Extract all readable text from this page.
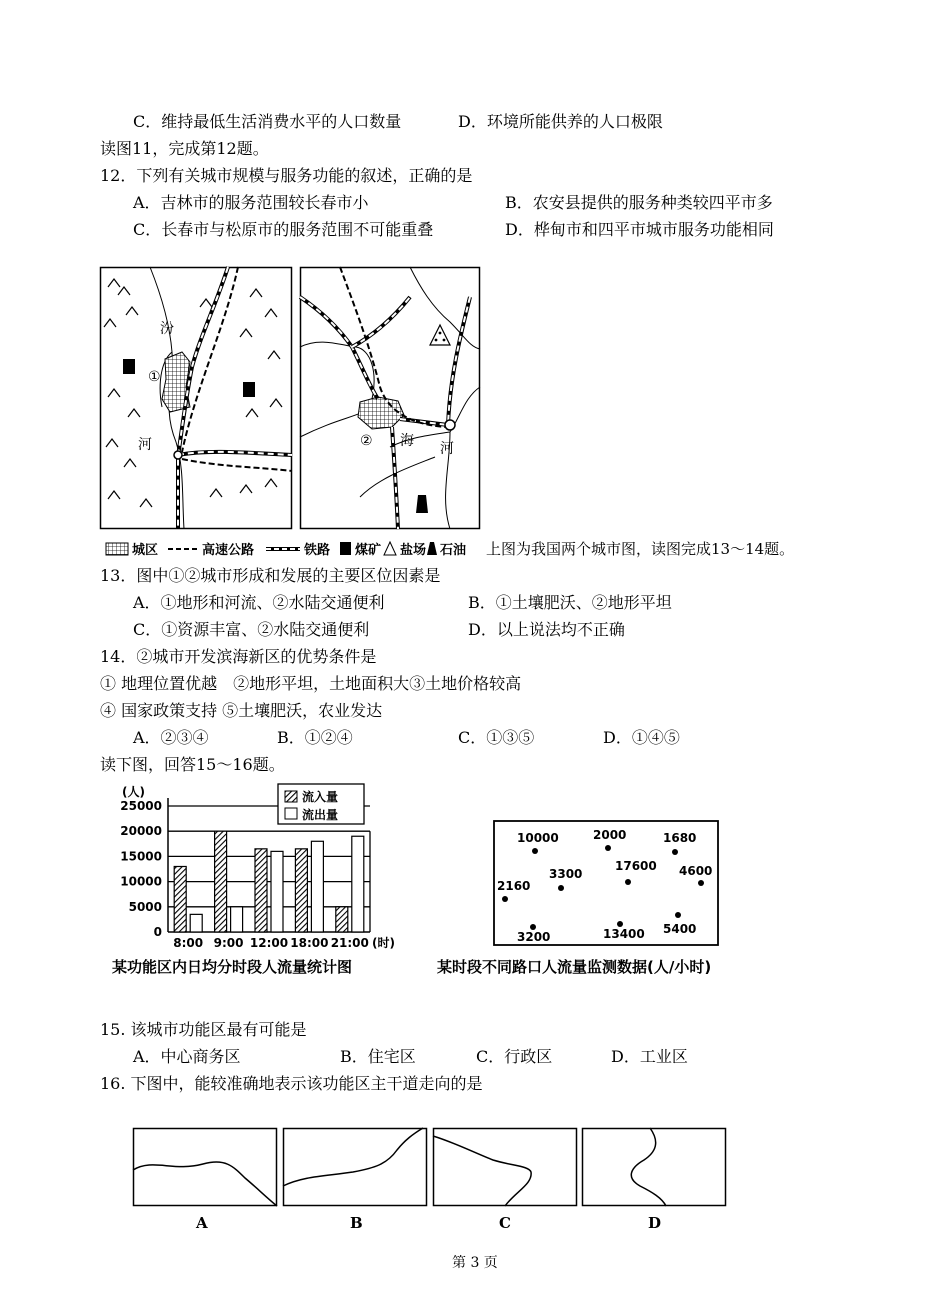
C．维持最低生活消费水平的人口数量	D．环境所能供养的人口极限
读图11，完成第12题。
12．下列有关城市规模与服务功能的叙述，正确的是
A．吉林市的服务范围较长春市小	B．农安县提供的服务种类较四平市多
C．长春市与松原市的服务范围不可能重叠	D．桦甸市和四平市城市服务功能相同
汾
①
河	② 海 河
城区	高速公路	铁路 煤矿 盐场 石油 上图为我国两个城市图，读图完成13～14题。
13．图中①②城市形成和发展的主要区位因素是
A．①地形和河流、②水陆交通便利	B．①土壤肥沃、②地形平坦
C．①资源丰富、②水陆交通便利	D．以上说法均不正确
14．②城市开发滨海新区的优势条件是
① 地理位置优越　②地形平坦，土地面积大③土地价格较高
④ 国家政策支持 ⑤土壤肥沃，农业发达
A．②③④	B．①②④	C．①③⑤	D．①④⑤
读下图，回答15～16题。
0
5000
10000
15000
20000
25000
(人)
8:00 9:00 12:00 18:00 21:00 (时)
流入量
流出量
某功能区内日均分时段人流量统计图
10000	2000	1680
3300
17600 4600
2160
3200	13400 5400
某时段不同路口人流量监测数据(人/小时)
15. 该城市功能区最有可能是
A．中心商务区	B．住宅区	C．行政区	D．工业区
16. 下图中，能较准确地表示该功能区主干道走向的是
A	B	C	D
第 3 页
